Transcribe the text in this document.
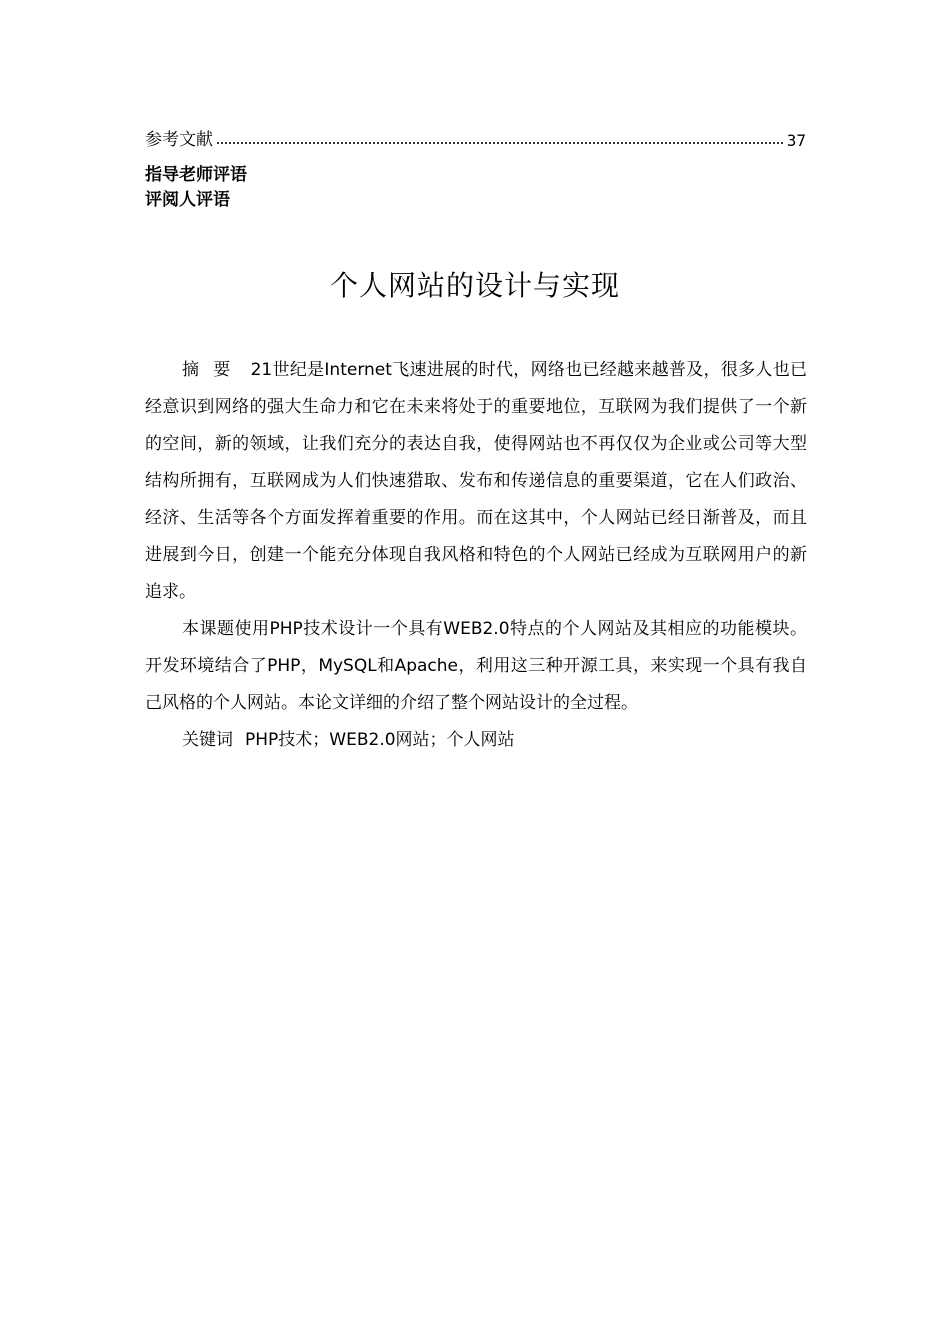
参考文献	37
指导老师评语
评阅人评语
个人网站的设计与实现
摘要 21世纪是Internet飞速进展的时代，网络也已经越来越普及，很多人也已经意识到网络的强大生命力和它在未来将处于的重要地位，互联网为我们提供了一个新的空间，新的领域，让我们充分的表达自我，使得网站也不再仅仅为企业或公司等大型结构所拥有，互联网成为人们快速猎取、发布和传递信息的重要渠道，它在人们政治、经济、生活等各个方面发挥着重要的作用。而在这其中，个人网站已经日渐普及，而且进展到今日，创建一个能充分体现自我风格和特色的个人网站已经成为互联网用户的新追求。
本课题使用PHP技术设计一个具有WEB2.0特点的个人网站及其相应的功能模块。开发环境结合了PHP，MySQL和Apache，利用这三种开源工具，来实现一个具有我自己风格的个人网站。本论文详细的介绍了整个网站设计的全过程。
关键词 PHP技术；WEB2.0网站；个人网站
